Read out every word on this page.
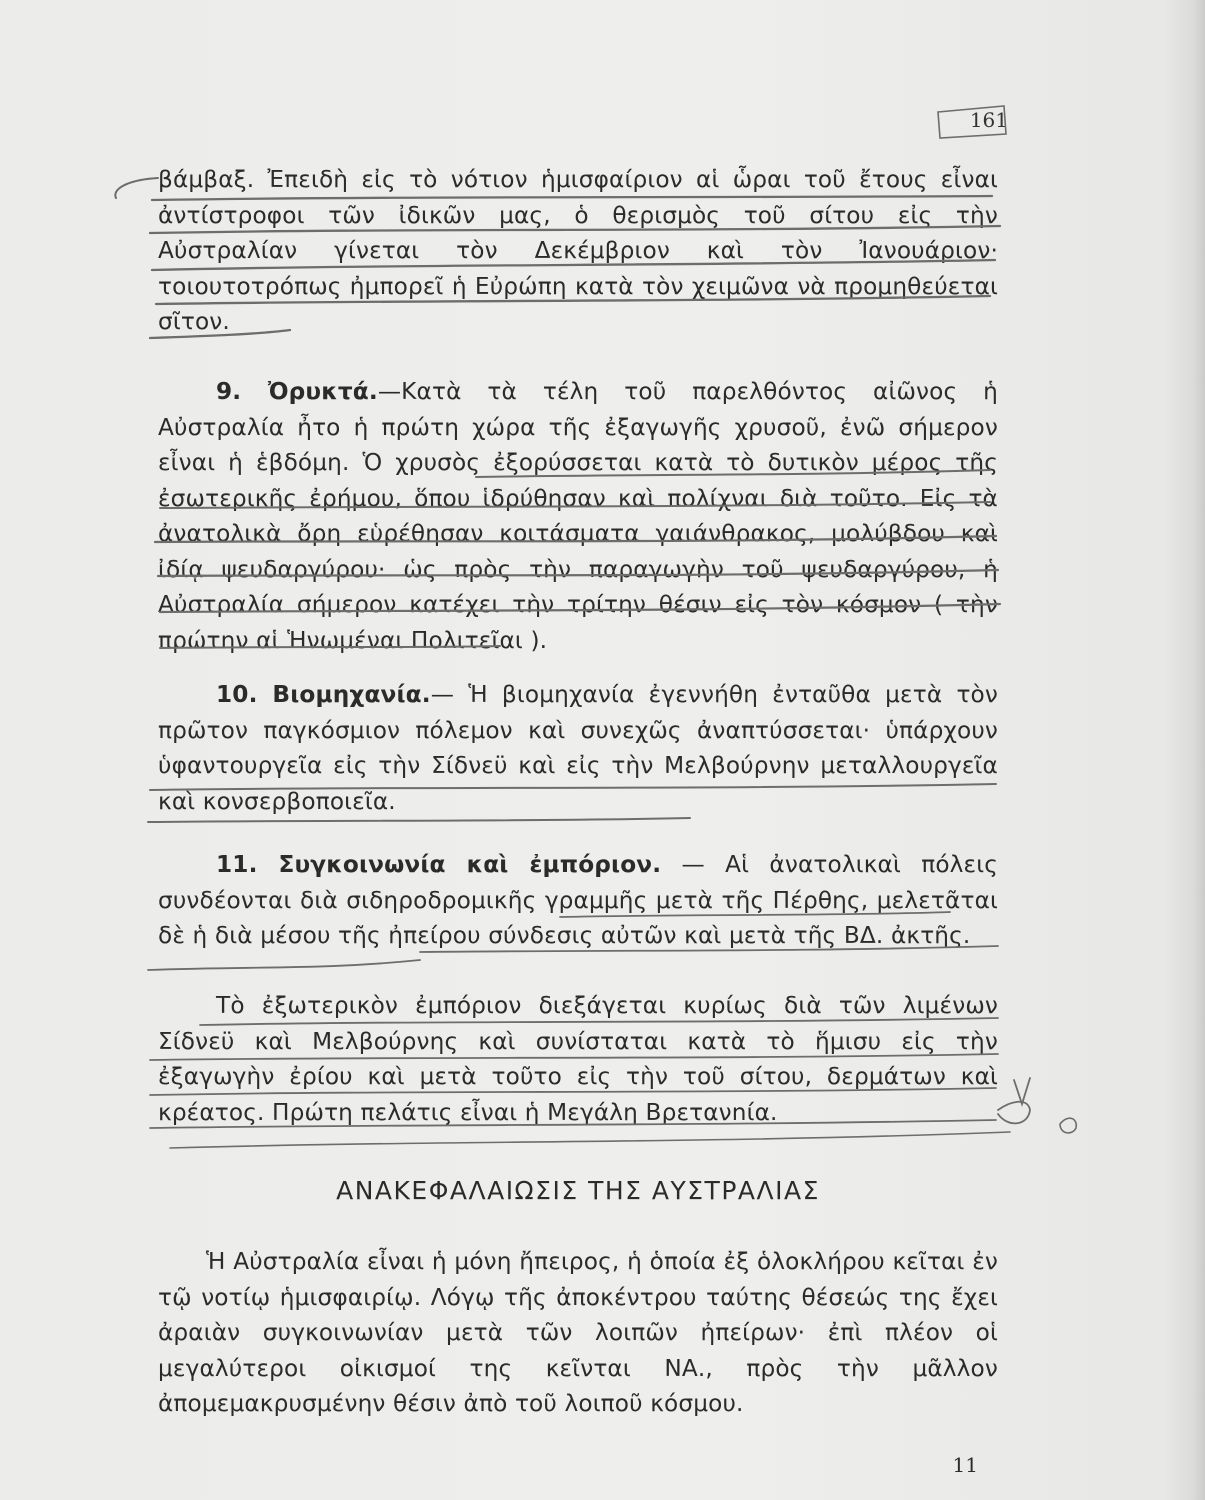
161

βάμβαξ. Ἐπειδὴ εἰς τὸ νότιον ἡμισφαίριον αἱ ὧραι τοῦ ἔτους εἶναι ἀντίστροφοι τῶν ἰδικῶν μας, ὁ θερισμὸς τοῦ σίτου εἰς τὴν Αὐστραλίαν γίνεται τὸν Δεκέμβριον καὶ τὸν Ἰανουάριον· τοιουτοτρόπως ἠμπορεῖ ἡ Εὐρώπη κατὰ τὸν χειμῶνα νὰ προμηθεύεται σῖτον.

9. Ὀρυκτά.—Κατὰ τὰ τέλη τοῦ παρελθόντος αἰῶνος ἡ Αὐστραλία ἦτο ἡ πρώτη χώρα τῆς ἐξαγωγῆς χρυσοῦ, ἐνῶ σήμερον εἶναι ἡ ἑβδόμη. Ὁ χρυσὸς ἐξορύσσεται κατὰ τὸ δυτικὸν μέρος τῆς ἐσωτερικῆς ἐρήμου, ὅπου ἱδρύθησαν καὶ πολίχναι διὰ τοῦτο. Εἰς τὰ ἀνατολικὰ ὄρη εὑρέθησαν κοιτάσματα γαιάνθρακος, μολύβδου καὶ ἰδίᾳ ψευδαργύρου· ὡς πρὸς τὴν παραγωγὴν τοῦ ψευδαργύρου, ἡ Αὐστραλία σήμερον κατέχει τὴν τρίτην θέσιν εἰς τὸν κόσμον ( τὴν πρώτην αἱ Ἡνωμέναι Πολιτεῖαι ).

10. Βιομηχανία.— Ἡ βιομηχανία ἐγεννήθη ἐνταῦθα μετὰ τὸν πρῶτον παγκόσμιον πόλεμον καὶ συνεχῶς ἀναπτύσσεται· ὑπάρχουν ὑφαντουργεῖα εἰς τὴν Σίδνεϋ καὶ εἰς τὴν Μελβούρνην μεταλλουργεῖα καὶ κονσερβοποιεῖα.

11. Συγκοινωνία καὶ ἐμπόριον. — Αἱ ἀνατολικαὶ πόλεις συνδέονται διὰ σιδηροδρομικῆς γραμμῆς μετὰ τῆς Πέρθης, μελετᾶται δὲ ἡ διὰ μέσου τῆς ἠπείρου σύνδεσις αὐτῶν καὶ μετὰ τῆς ΒΔ. ἀκτῆς.

Τὸ ἐξωτερικὸν ἐμπόριον διεξάγεται κυρίως διὰ τῶν λιμένων Σίδνεϋ καὶ Μελβούρνης καὶ συνίσταται κατὰ τὸ ἥμισυ εἰς τὴν ἐξαγωγὴν ἐρίου καὶ μετὰ τοῦτο εἰς τὴν τοῦ σίτου, δερμάτων καὶ κρέατος. Πρώτη πελάτις εἶναι ἡ Μεγάλη Βρετανnία.

ΑΝΑΚΕΦΑΛΑΙΩΣΙΣ ΤΗΣ ΑΥΣΤΡΑΛΙΑΣ

Ἡ Αὐστραλία εἶναι ἡ μόνη ἤπειρος, ἡ ὁποία ἐξ ὁλοκλήρου κεῖται ἐν τῷ νοτίῳ ἡμισφαιρίῳ. Λόγῳ τῆς ἀποκέντρου ταύτης θέσεώς της ἔχει ἀραιὰν συγκοινωνίαν μετὰ τῶν λοιπῶν ἠπείρων· ἐπὶ πλέον οἱ μεγαλύτεροι οἰκισμοί της κεῖνται ΝΑ., πρὸς τὴν μᾶλλον ἀπομεμακρυσμένην θέσιν ἀπὸ τοῦ λοιποῦ κόσμου.

11
